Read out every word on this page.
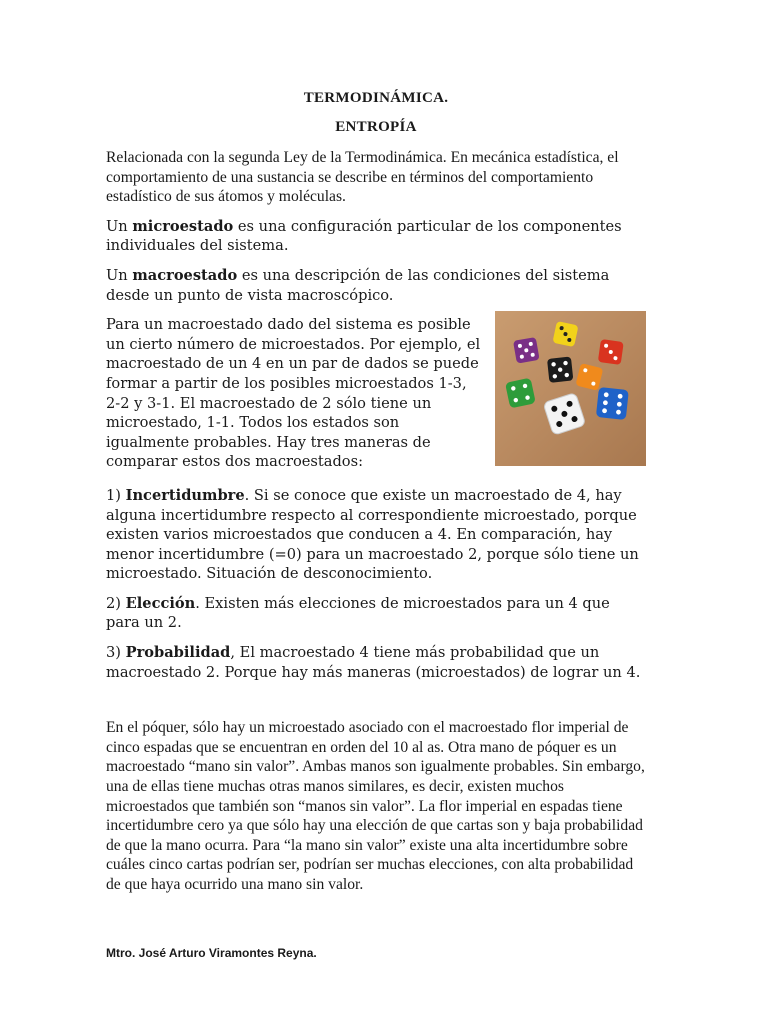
TERMODINÁMICA.
ENTROPÍA

Relacionada con la segunda Ley de la Termodinámica. En mecánica estadística, el comportamiento de una sustancia se describe en términos del comportamiento estadístico de sus átomos y moléculas.

Un microestado es una configuración particular de los componentes individuales del sistema.

Un macroestado es una descripción de las condiciones del sistema desde un punto de vista macroscópico.

Para un macroestado dado del sistema es posible un cierto número de microestados. Por ejemplo, el macroestado de un 4 en un par de dados se puede formar a partir de los posibles microestados 1-3, 2-2 y 3-1. El macroestado de 2 sólo tiene un microestado, 1-1. Todos los estados son igualmente probables. Hay tres maneras de comparar estos dos macroestados:

1) Incertidumbre. Si se conoce que existe un macroestado de 4, hay alguna incertidumbre respecto al correspondiente microestado, porque existen varios microestados que conducen a 4. En comparación, hay menor incertidumbre (=0) para un macroestado 2, porque sólo tiene un microestado. Situación de desconocimiento.

2) Elección. Existen más elecciones de microestados para un 4 que para un 2.

3) Probabilidad, El macroestado 4 tiene más probabilidad que un macroestado 2. Porque hay más maneras (microestados) de lograr un 4.

En el póquer, sólo hay un microestado asociado con el macroestado flor imperial de cinco espadas que se encuentran en orden del 10 al as. Otra mano de póquer es un macroestado “mano sin valor”. Ambas manos son igualmente probables. Sin embargo, una de ellas tiene muchas otras manos similares, es decir, existen muchos microestados que también son “manos sin valor”. La flor imperial en espadas tiene incertidumbre cero ya que sólo hay una elección de que cartas son y baja probabilidad de que la mano ocurra. Para “la mano sin valor” existe una alta incertidumbre sobre cuáles cinco cartas podrían ser, podrían ser muchas elecciones, con alta probabilidad de que haya ocurrido una mano sin valor.

Mtro. José Arturo Viramontes Reyna.
